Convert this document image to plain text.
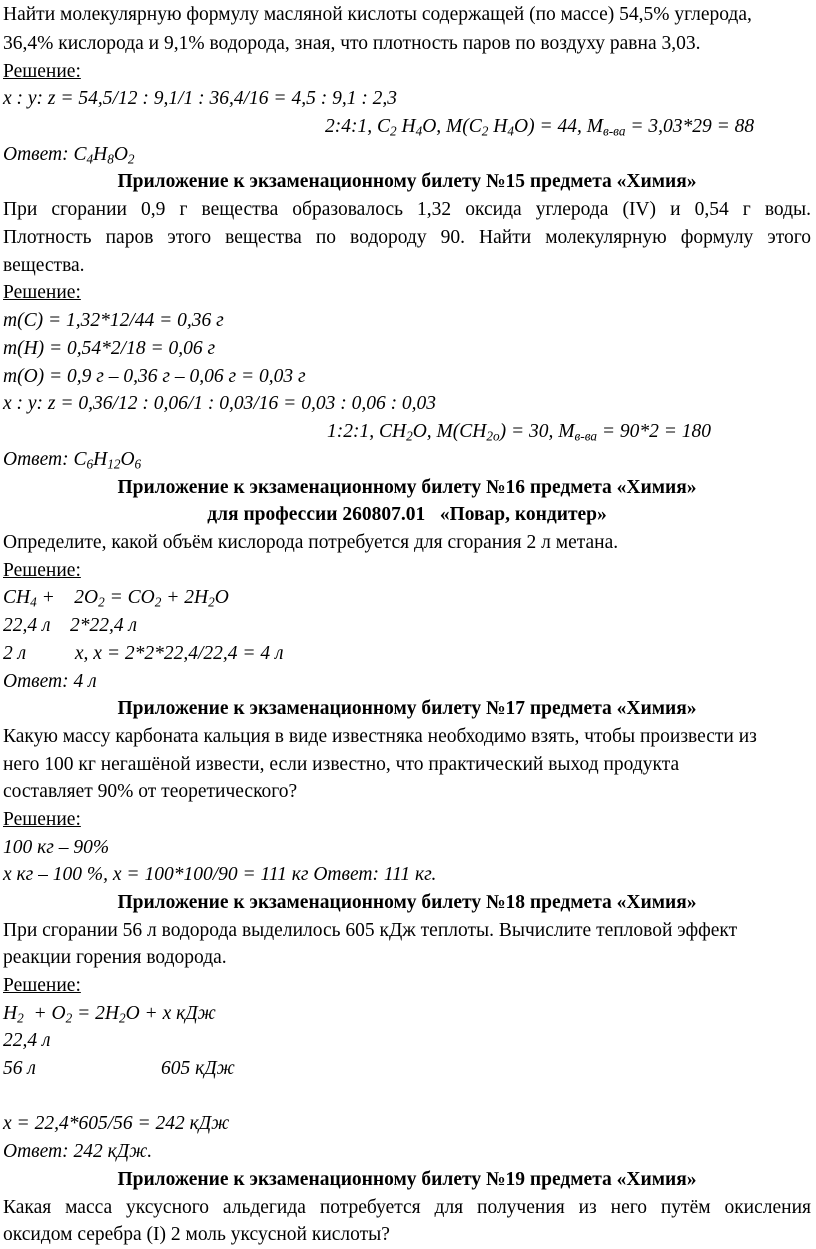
Найти молекулярную формулу масляной кислоты содержащей (по массе) 54,5% углерода,
36,4% кислорода и 9,1% водорода, зная, что плотность паров по воздуху равна 3,03.
Решение:
x : y: z = 54,5/12 : 9,1/1 : 36,4/16 = 4,5 : 9,1 : 2,3
2:4:1, $C_2$ $H_4O$, $M(C_2$ $H_4O) = 44$, $M_{в-ва} = 3,03*29 = 88$
Ответ: $C_4H_8O_2$
Приложение к экзаменационному билету №15 предмета «Химия»
При сгорании 0,9 г вещества образовалось 1,32 оксида углерода (IV) и 0,54 г воды.
Плотность паров этого вещества по водороду 90. Найти молекулярную формулу этого
вещества.
Решение:
m(C) = 1,32*12/44 = 0,36 г
m(H) = 0,54*2/18 = 0,06 г
m(O) = 0,9 г – 0,36 г – 0,06 г = 0,03 г
x : y: z = 0,36/12 : 0,06/1 : 0,03/16 = 0,03 : 0,06 : 0,03
1:2:1, $CH_2O$, $M(CH_{2о}) = 30$, $M_{в-ва} = 90*2 = 180$
Ответ: $C_6H_{12}O_6$
Приложение к экзаменационному билету №16 предмета «Химия»
для профессии 260807.01   «Повар, кондитер»
Определите, какой объём кислорода потребуется для сгорания 2 л метана.
Решение:
$CH_4$ +    $2O_2 = CO_2 + 2H_2O$
22,4 л    2*22,4 л
2 л          x, x = 2*2*22,4/22,4 = 4 л
Ответ: 4 л
Приложение к экзаменационному билету №17 предмета «Химия»
Какую массу карбоната кальция в виде известняка необходимо взять, чтобы произвести из
него 100 кг негашёной извести, если известно, что практический выход продукта
составляет 90% от теоретического?
Решение:
100 кг – 90%
x кг – 100 %, x = 100*100/90 = 111 кг Ответ: 111 кг.
Приложение к экзаменационному билету №18 предмета «Химия»
При сгорании 56 л водорода выделилось 605 кДж теплоты. Вычислите тепловой эффект
реакции горения водорода.
Решение:
$H_2 + O_2 = 2H_2O + x$ кДж
22,4 л
56 л	605 кДж
x = 22,4*605/56 = 242 кДж
Ответ: 242 кДж.
Приложение к экзаменационному билету №19 предмета «Химия»
Какая масса уксусного альдегида потребуется для получения из него путём окисления
оксидом серебра (I) 2 моль уксусной кислоты?
